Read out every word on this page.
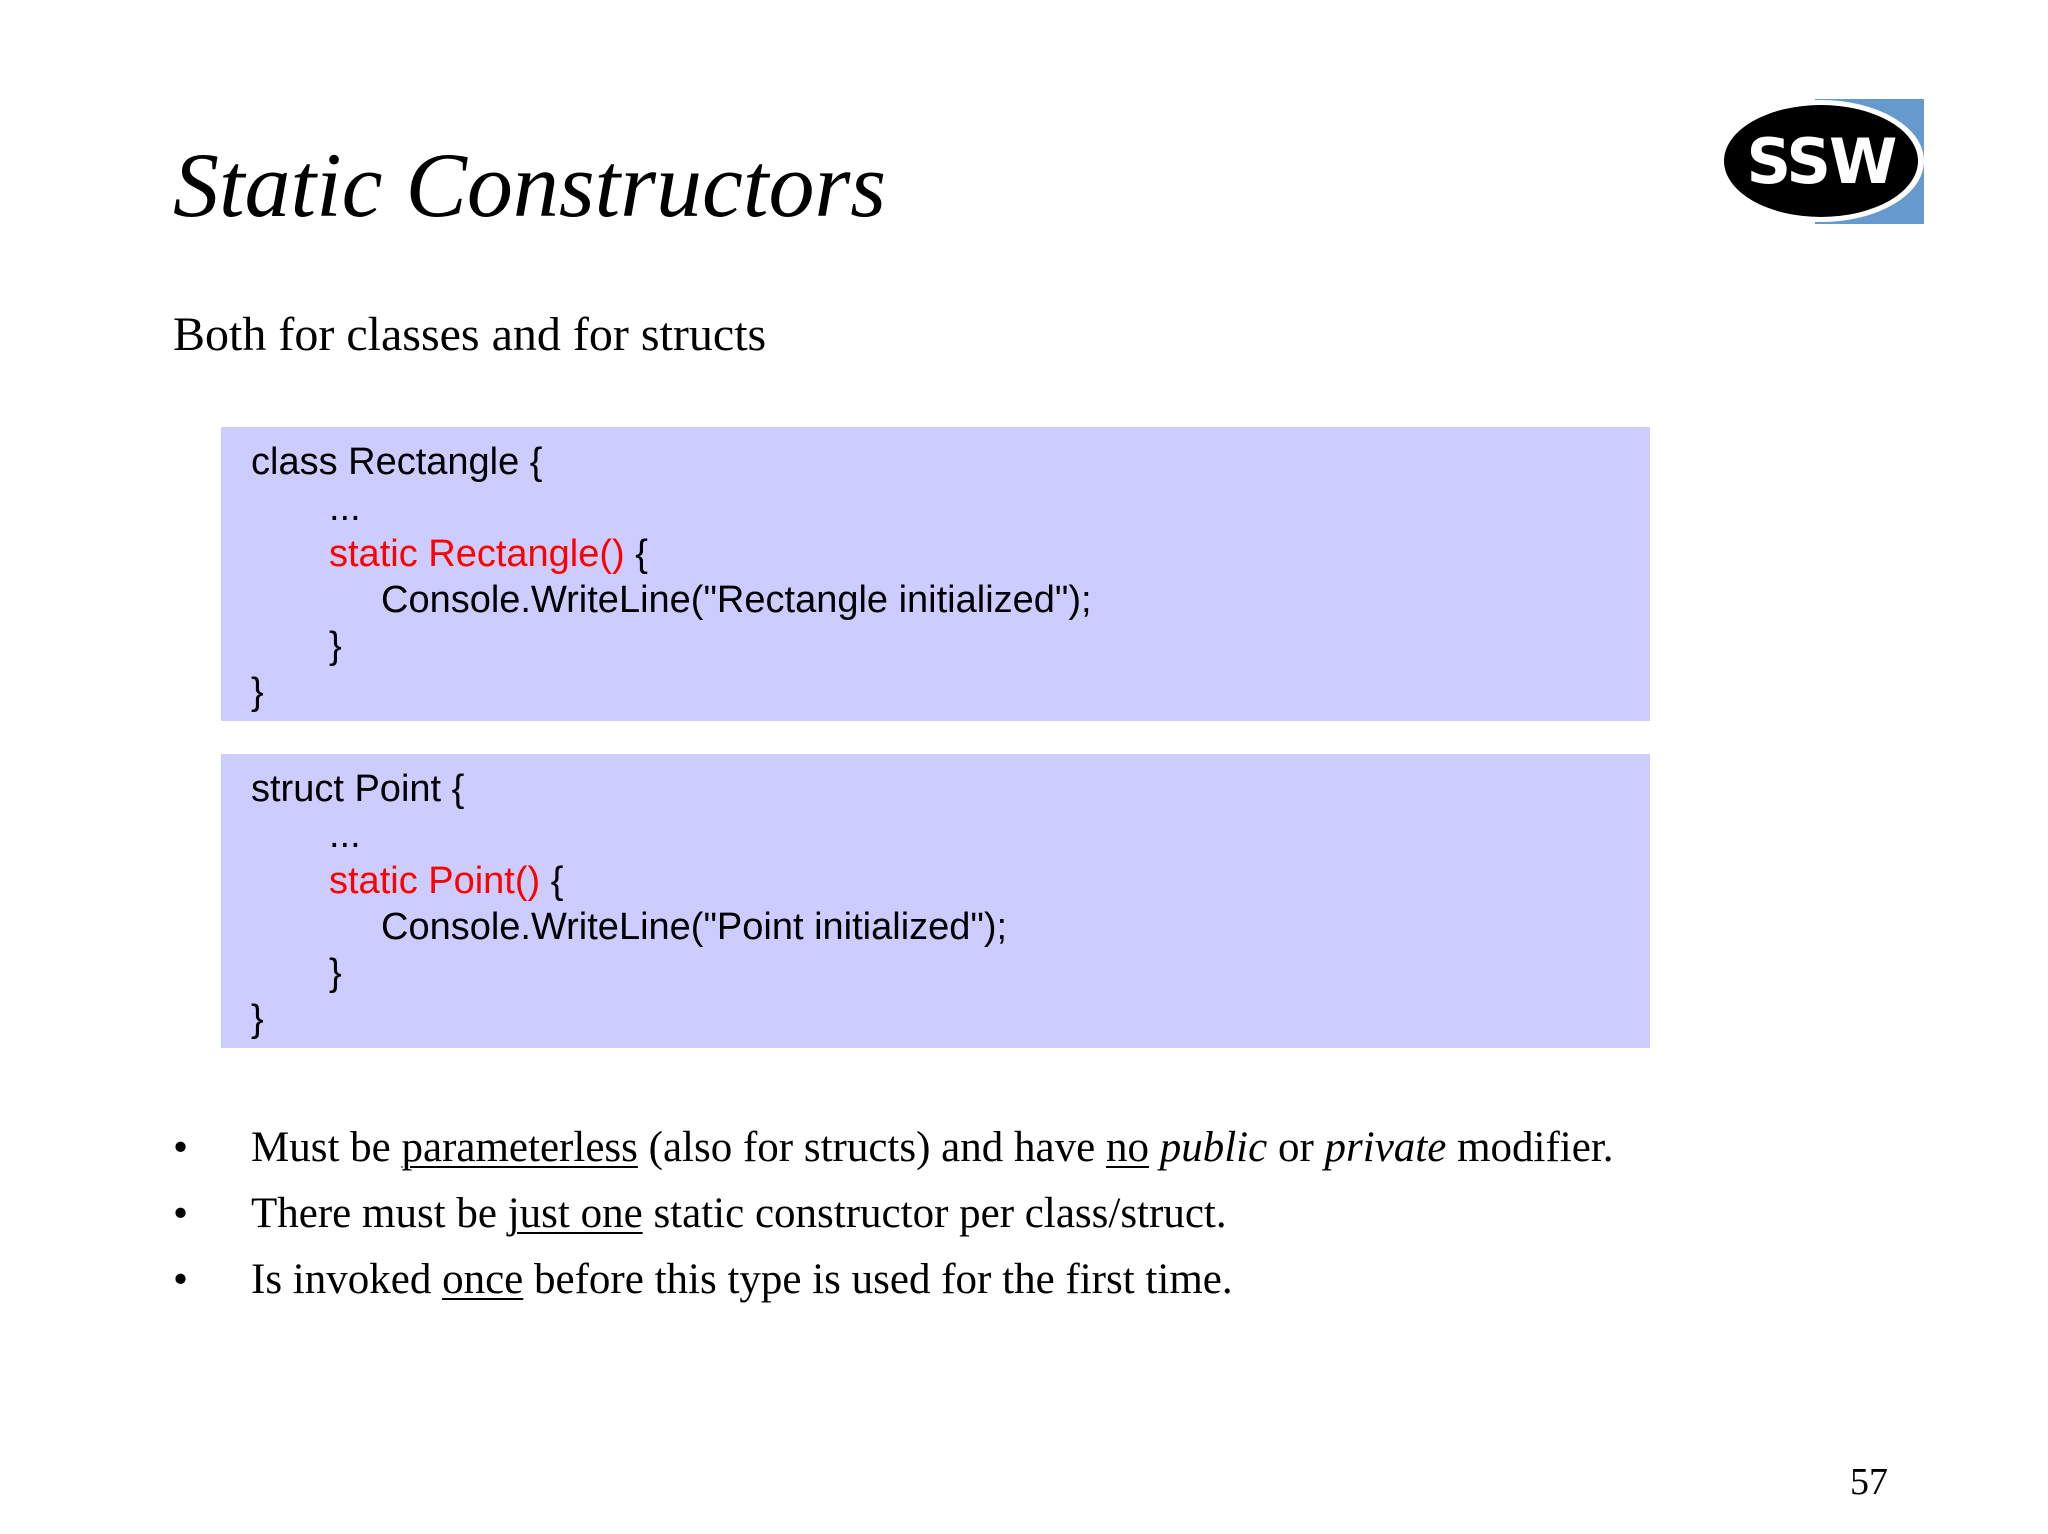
Static Constructors	SSW
Both for classes and for structs
class Rectangle {
...
static Rectangle() {
Console.WriteLine("Rectangle initialized");
}
}
struct Point {
...
static Point() {
Console.WriteLine("Point initialized");
}
}
• Must be parameterless (also for structs) and have no public or private modifier.
• There must be just one static constructor per class/struct.
• Is invoked once before this type is used for the first time.
57
